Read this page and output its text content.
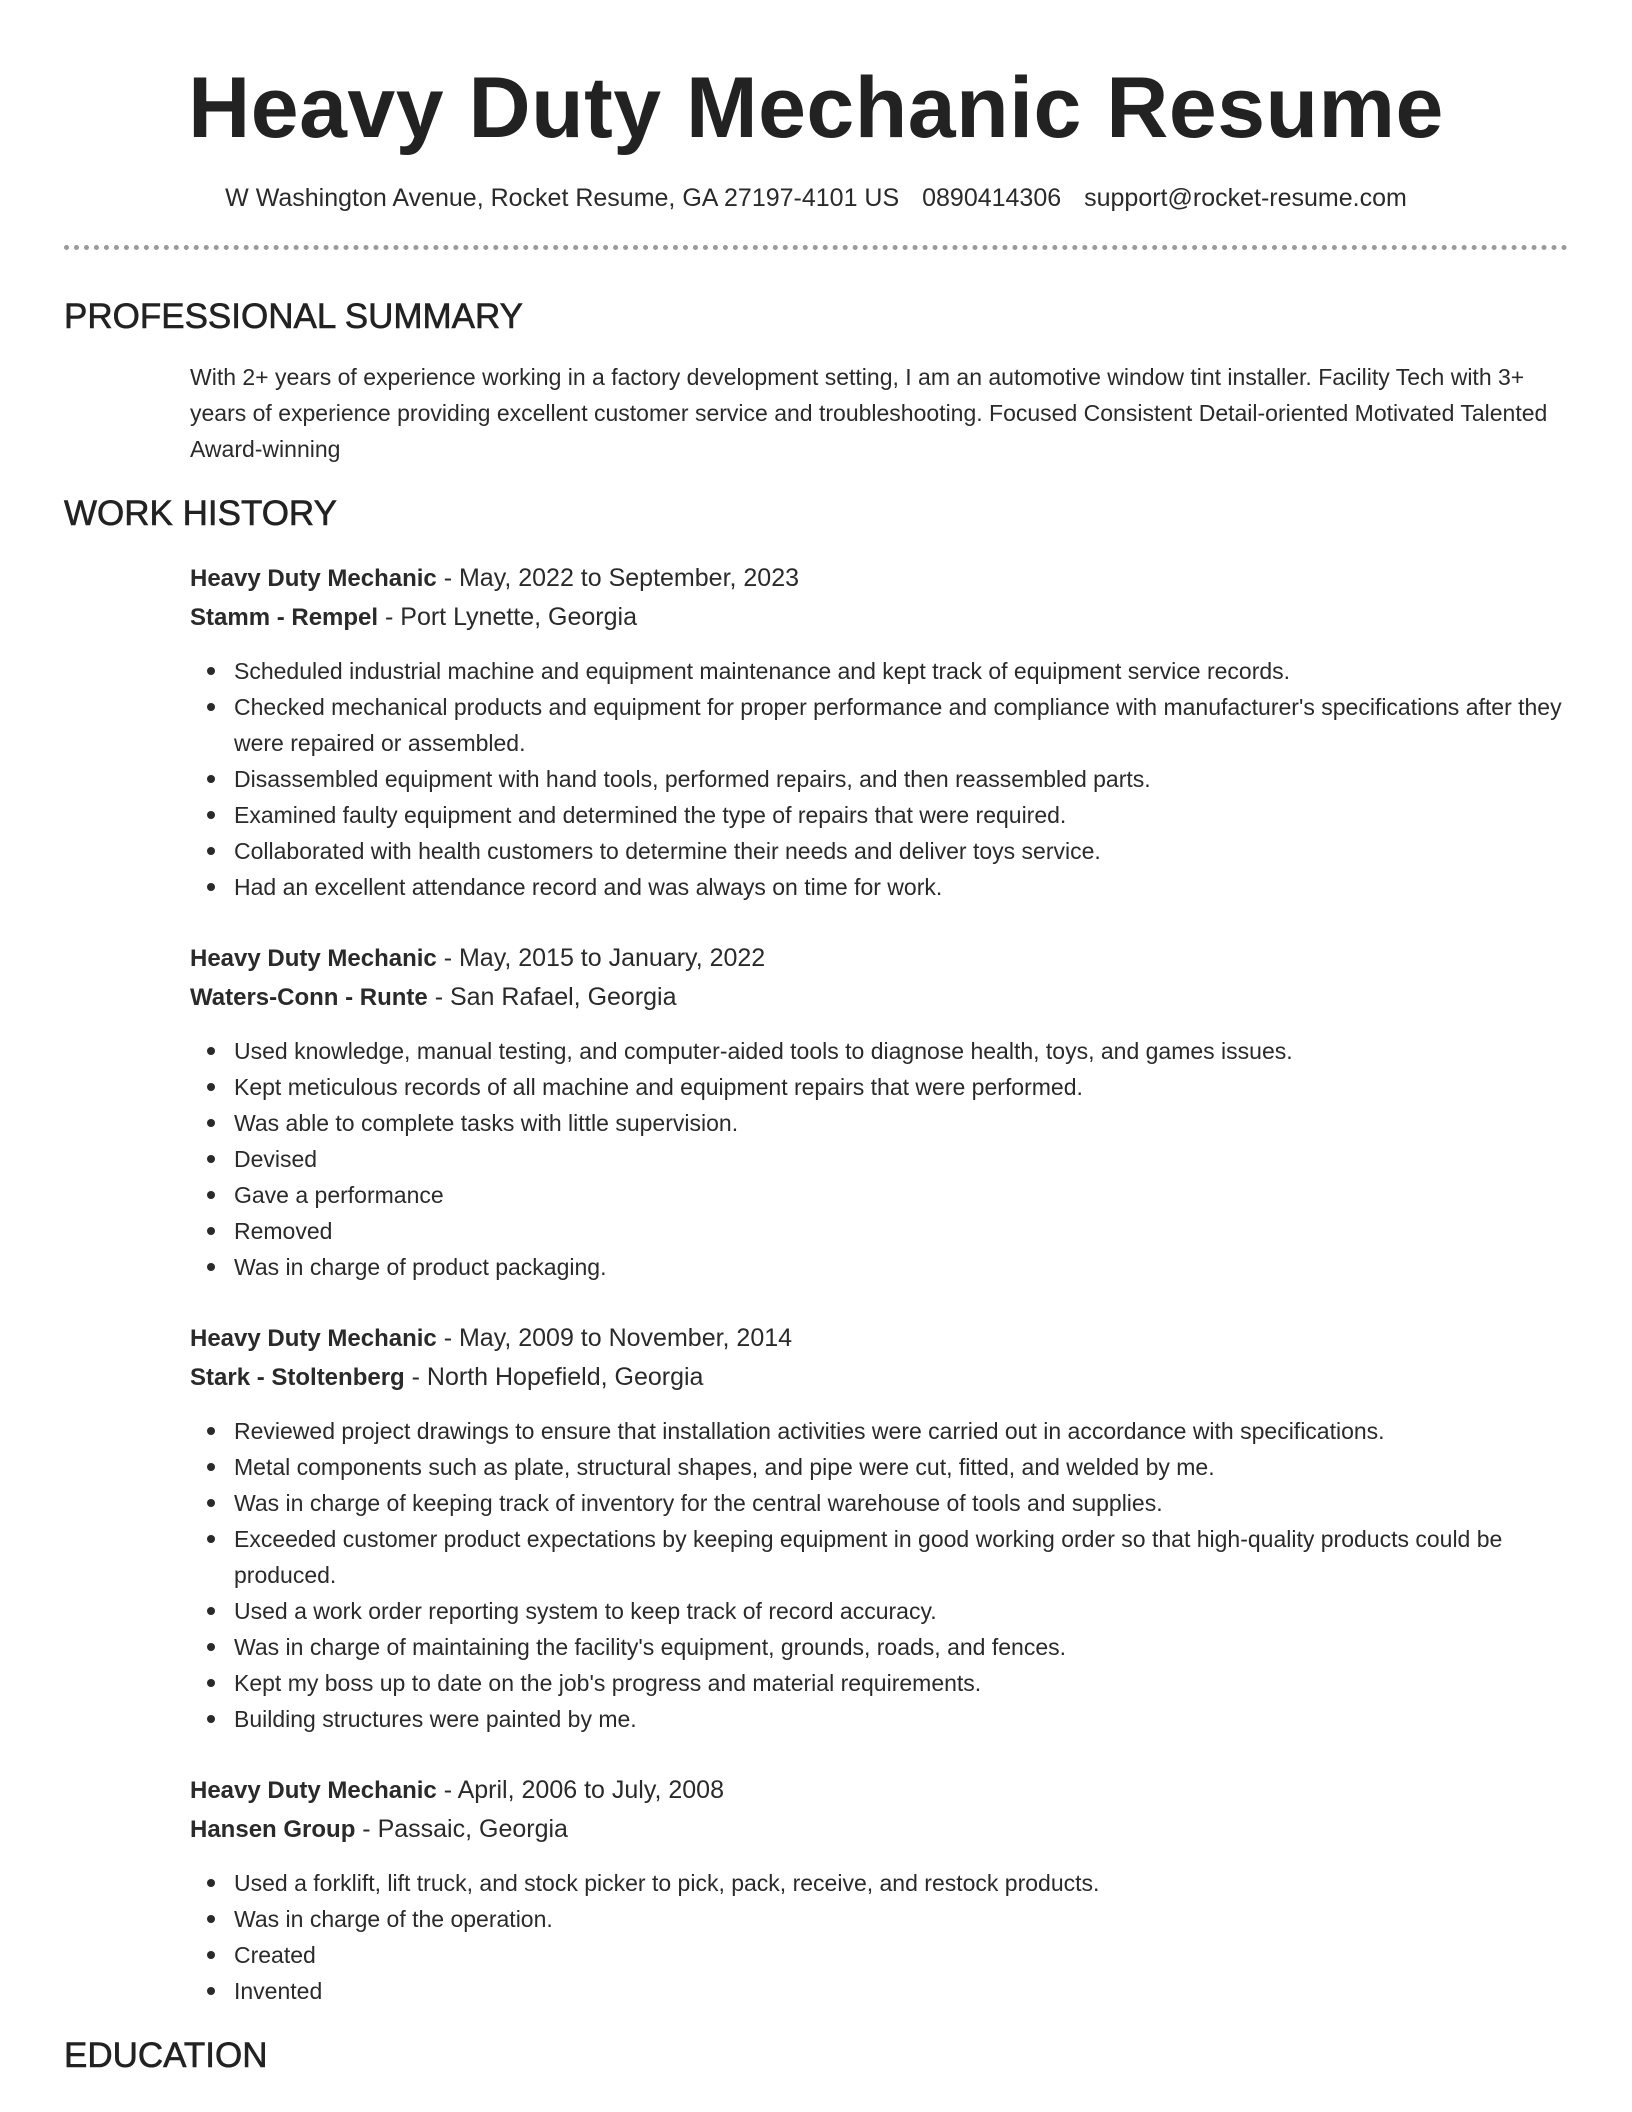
Heavy Duty Mechanic Resume
W Washington Avenue, Rocket Resume, GA 27197-4101 US 0890414306 support@rocket-resume.com
PROFESSIONAL SUMMARY

With 2+ years of experience working in a factory development setting, I am an automotive window tint installer. Facility Tech with 3+ years of experience providing excellent customer service and troubleshooting. Focused Consistent Detail-oriented Motivated Talented Award-winning

WORK HISTORY
Heavy Duty Mechanic - May, 2022 to September, 2023
Stamm - Rempel - Port Lynette, Georgia
Scheduled industrial machine and equipment maintenance and kept track of equipment service records.
Checked mechanical products and equipment for proper performance and compliance with manufacturer's specifications after they were repaired or assembled.
Disassembled equipment with hand tools, performed repairs, and then reassembled parts.
Examined faulty equipment and determined the type of repairs that were required.
Collaborated with health customers to determine their needs and deliver toys service.
Had an excellent attendance record and was always on time for work.
Heavy Duty Mechanic - May, 2015 to January, 2022
Waters-Conn - Runte - San Rafael, Georgia
Used knowledge, manual testing, and computer-aided tools to diagnose health, toys, and games issues.
Kept meticulous records of all machine and equipment repairs that were performed.
Was able to complete tasks with little supervision.
Devised
Gave a performance
Removed
Was in charge of product packaging.
Heavy Duty Mechanic - May, 2009 to November, 2014
Stark - Stoltenberg - North Hopefield, Georgia
Reviewed project drawings to ensure that installation activities were carried out in accordance with specifications.
Metal components such as plate, structural shapes, and pipe were cut, fitted, and welded by me.
Was in charge of keeping track of inventory for the central warehouse of tools and supplies.
Exceeded customer product expectations by keeping equipment in good working order so that high-quality products could be produced.
Used a work order reporting system to keep track of record accuracy.
Was in charge of maintaining the facility's equipment, grounds, roads, and fences.
Kept my boss up to date on the job's progress and material requirements.
Building structures were painted by me.
Heavy Duty Mechanic - April, 2006 to July, 2008
Hansen Group - Passaic, Georgia
Used a forklift, lift truck, and stock picker to pick, pack, receive, and restock products.
Was in charge of the operation.
Created
Invented
EDUCATION
